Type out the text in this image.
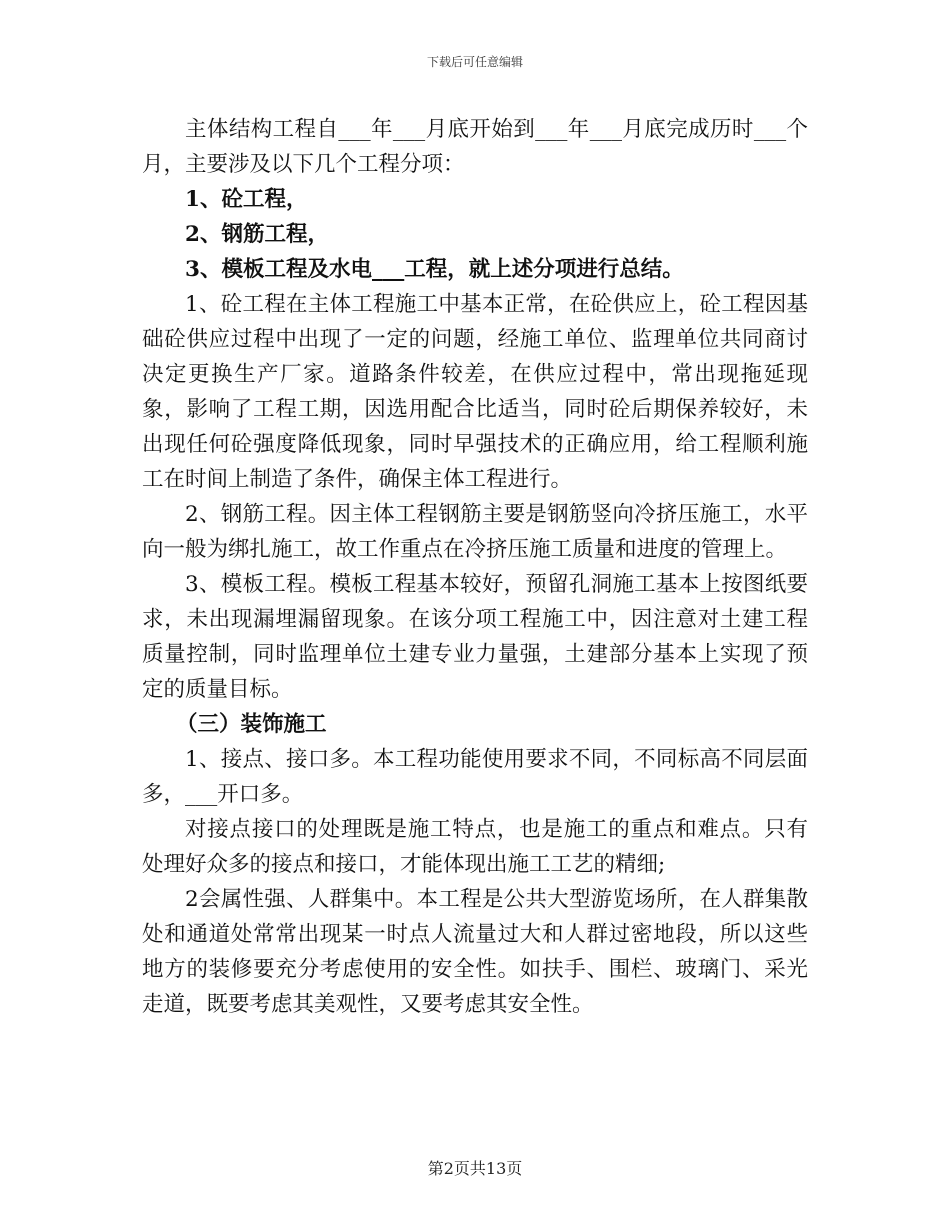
下载后可任意编辑

主体结构工程自___年___月底开始到___年___月底完成历时___个月，主要涉及以下几个工程分项：

1、砼工程，

2、钢筋工程，

3、模板工程及水电___工程，就上述分项进行总结。

1、砼工程在主体工程施工中基本正常，在砼供应上，砼工程因基础砼供应过程中出现了一定的问题，经施工单位、监理单位共同商讨决定更换生产厂家。道路条件较差，在供应过程中，常出现拖延现象，影响了工程工期，因选用配合比适当，同时砼后期保养较好，未出现任何砼强度降低现象，同时早强技术的正确应用，给工程顺利施工在时间上制造了条件，确保主体工程进行。

2、钢筋工程。因主体工程钢筋主要是钢筋竖向冷挤压施工，水平向一般为绑扎施工，故工作重点在冷挤压施工质量和进度的管理上。

3、模板工程。模板工程基本较好，预留孔洞施工基本上按图纸要求，未出现漏埋漏留现象。在该分项工程施工中，因注意对土建工程质量控制，同时监理单位土建专业力量强，土建部分基本上实现了预定的质量目标。

（三）装饰施工

1、接点、接口多。本工程功能使用要求不同，不同标高不同层面多，___开口多。

对接点接口的处理既是施工特点，也是施工的重点和难点。只有处理好众多的接点和接口，才能体现出施工工艺的精细;

2会属性强、人群集中。本工程是公共大型游览场所，在人群集散处和通道处常常出现某一时点人流量过大和人群过密地段，所以这些地方的装修要充分考虑使用的安全性。如扶手、围栏、玻璃门、采光走道，既要考虑其美观性，又要考虑其安全性。

第2页共13页
